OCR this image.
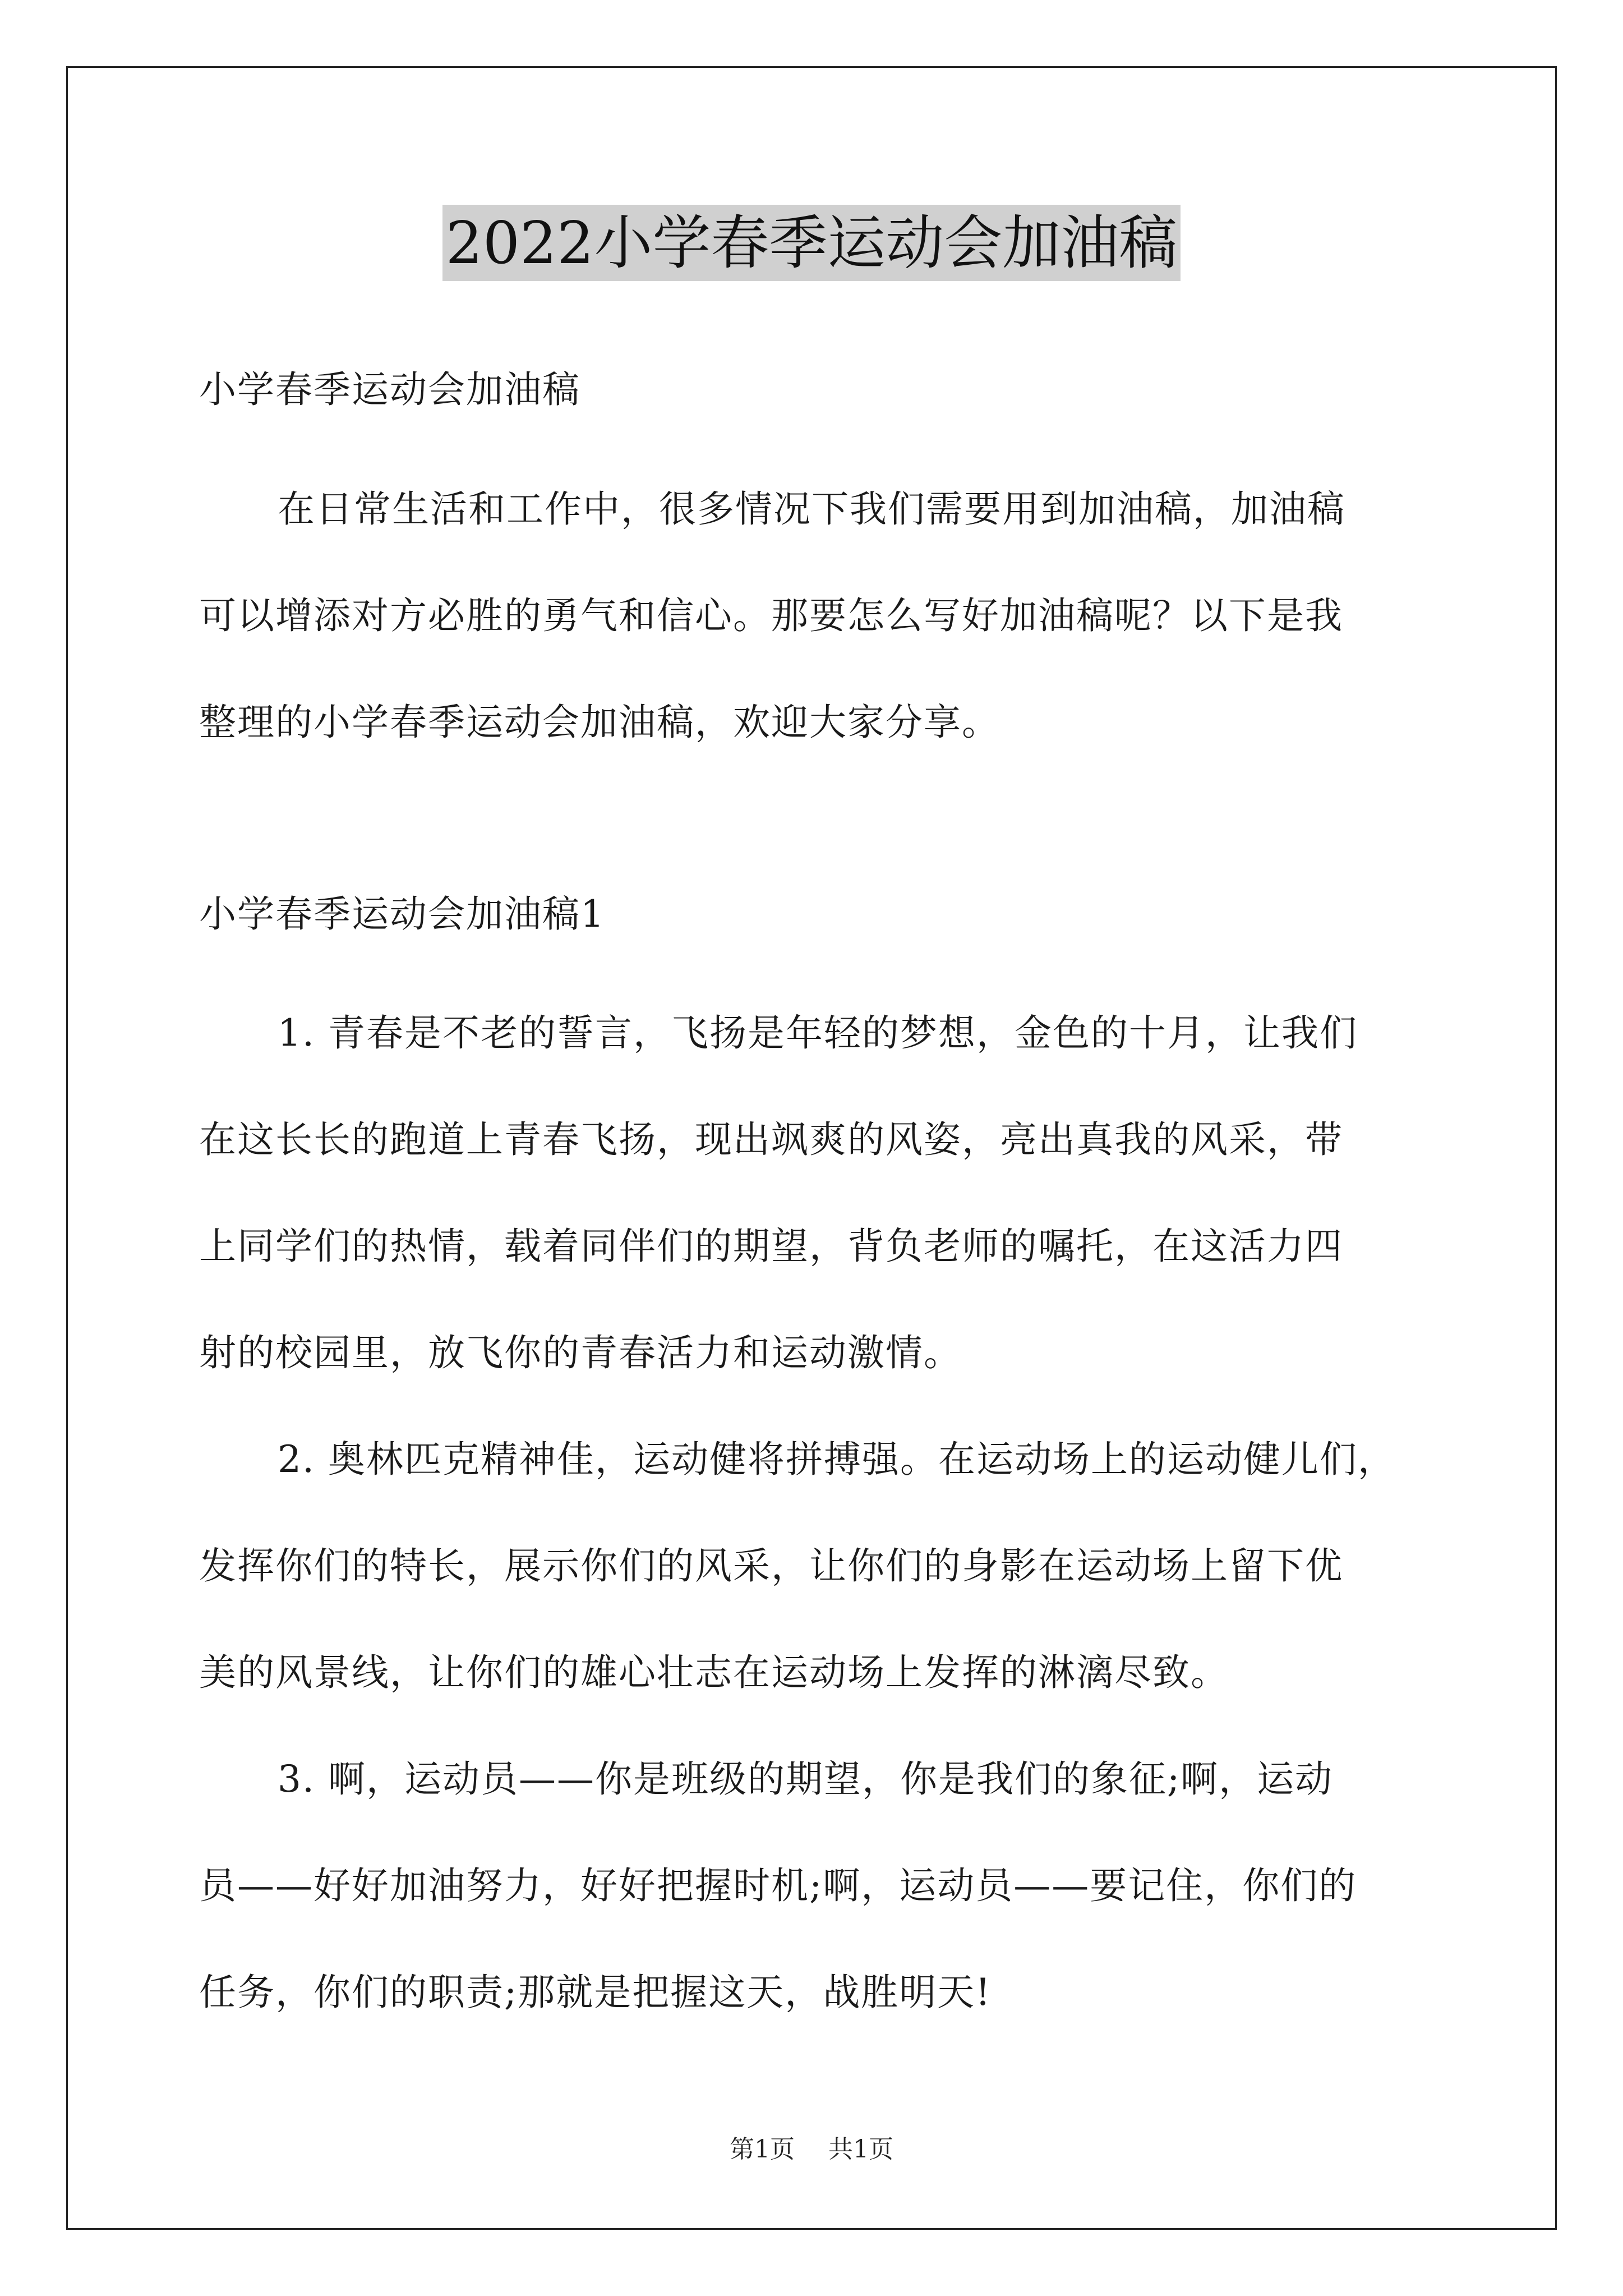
2022小学春季运动会加油稿
小学春季运动会加油稿
在日常生活和工作中，很多情况下我们需要用到加油稿，加油稿
可以增添对方必胜的勇气和信心。那要怎么写好加油稿呢？以下是我
整理的小学春季运动会加油稿，欢迎大家分享。
小学春季运动会加油稿1
1. 青春是不老的誓言，飞扬是年轻的梦想，金色的十月，让我们
在这长长的跑道上青春飞扬，现出飒爽的风姿，亮出真我的风采，带
上同学们的热情，载着同伴们的期望，背负老师的嘱托，在这活力四
射的校园里，放飞你的青春活力和运动激情。
2. 奥林匹克精神佳，运动健将拼搏强。在运动场上的运动健儿们，
发挥你们的特长，展示你们的风采，让你们的身影在运动场上留下优
美的风景线，让你们的雄心壮志在运动场上发挥的淋漓尽致。
3. 啊，运动员——你是班级的期望，你是我们的象征;啊，运动
员——好好加油努力，好好把握时机;啊，运动员——要记住，你们的
任务，你们的职责;那就是把握这天，战胜明天!
第1页 共1页
